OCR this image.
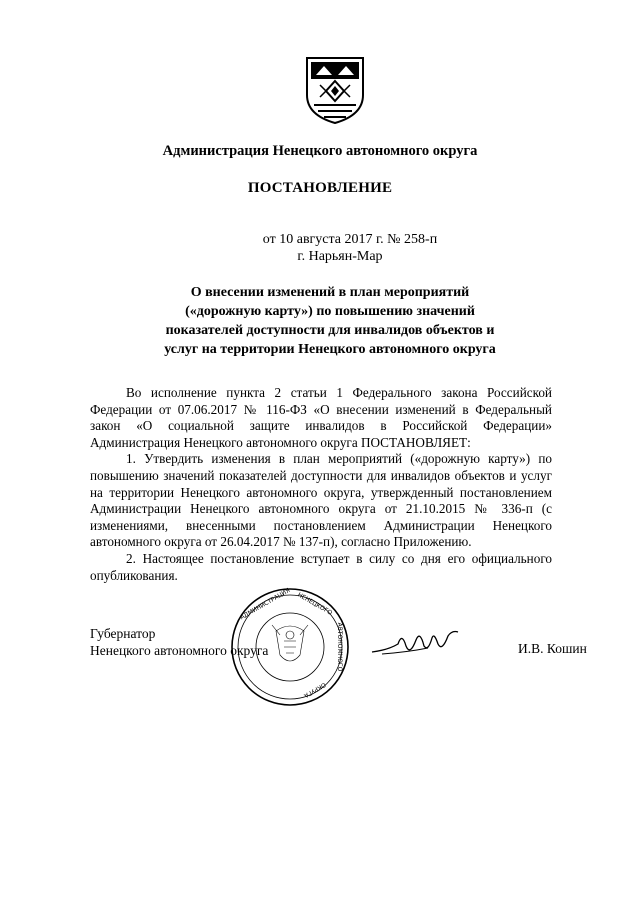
Администрация Ненецкого автономного округа
ПОСТАНОВЛЕНИЕ
от 10 августа 2017 г. № 258-п
г. Нарьян-Мар
О внесении изменений в план мероприятий
(«дорожную карту») по повышению значений
показателей доступности для инвалидов объектов и
услуг на территории Ненецкого автономного округа

Во исполнение пункта 2 статьи 1 Федерального закона Российской Федерации от 07.06.2017 № 116-ФЗ «О внесении изменений в Федеральный закон «О социальной защите инвалидов в Российской Федерации» Администрация Ненецкого автономного округа ПОСТАНОВЛЯЕТ:

1. Утвердить изменения в план мероприятий («дорожную карту») по повышению значений показателей доступности для инвалидов объектов и услуг на территории Ненецкого автономного округа, утвержденный постановлением Администрации Ненецкого автономного округа от 21.10.2015 № 336-п (с изменениями, внесенными постановлением Администрации Ненецкого автономного округа от 26.04.2017 № 137-п), согласно Приложению.

2. Настоящее постановление вступает в силу со дня его официального опубликования.

АДМИНИСТРАЦИЯ НЕНЕЦКОГО
АВТОНОМНОГО
ОКРУГА
Губернатор
Ненецкого автономного округа	И.В. Кошин
